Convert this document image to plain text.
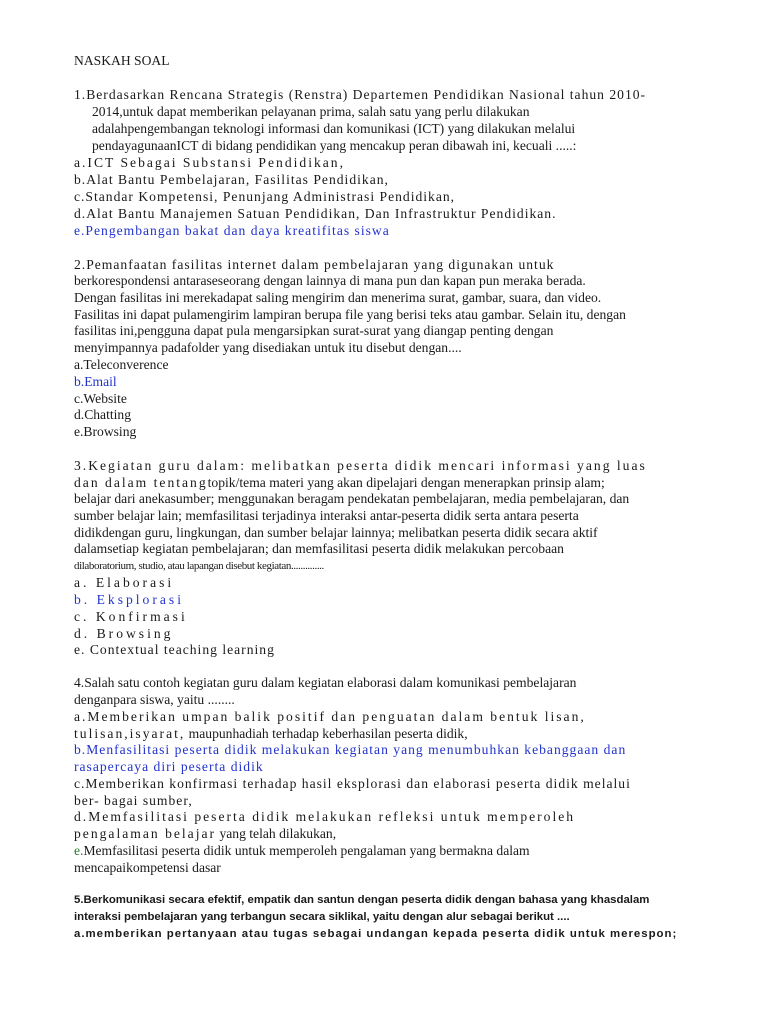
NASKAH SOAL
1.Berdasarkan Rencana Strategis (Renstra) Departemen Pendidikan Nasional tahun 2010-
2014,untuk dapat memberikan pelayanan prima, salah satu yang perlu dilakukan
adalahpengembangan teknologi informasi dan komunikasi (ICT) yang dilakukan melalui
pendayagunaanICT di bidang pendidikan yang mencakup peran dibawah ini, kecuali .....:
a.ICT Sebagai Substansi Pendidikan,
b.Alat Bantu Pembelajaran, Fasilitas Pendidikan,
c.Standar Kompetensi, Penunjang Administrasi Pendidikan,
d.Alat Bantu Manajemen Satuan Pendidikan, Dan Infrastruktur Pendidikan.
e.Pengembangan bakat dan daya kreatifitas siswa
2.Pemanfaatan fasilitas internet dalam pembelajaran yang digunakan untuk
berkorespondensi antaraseseorang dengan lainnya di mana pun dan kapan pun meraka berada.
Dengan fasilitas ini merekadapat saling mengirim dan menerima surat, gambar, suara, dan video.
Fasilitas ini dapat pulamengirim lampiran berupa file yang berisi teks atau gambar. Selain itu, dengan
fasilitas ini,pengguna dapat pula mengarsipkan surat-surat yang diangap penting dengan
menyimpannya padafolder yang disediakan untuk itu disebut dengan....
a.Teleconverence
b.Email
c.Website
d.Chatting
e.Browsing
3.Kegiatan guru dalam: melibatkan peserta didik mencari informasi yang luas
dan dalam tentangtopik/tema materi yang akan dipelajari dengan menerapkan prinsip alam;
belajar dari anekasumber; menggunakan beragam pendekatan pembelajaran, media pembelajaran, dan
sumber belajar lain; memfasilitasi terjadinya interaksi antar-peserta didik serta antara peserta
didikdengan guru, lingkungan, dan sumber belajar lainnya; melibatkan peserta didik secara aktif
dalamsetiap kegiatan pembelajaran; dan memfasilitasi peserta didik melakukan percobaan
dilaboratorium, studio, atau lapangan disebut kegiatan..............
a. Elaborasi
b. Eksplorasi
c. Konfirmasi
d. Browsing
e. Contextual teaching learning
4.Salah satu contoh kegiatan guru dalam kegiatan elaborasi dalam komunikasi pembelajaran
denganpara siswa, yaitu ........
a.Memberikan umpan balik positif dan penguatan dalam bentuk lisan,
tulisan,isyarat, maupunhadiah terhadap keberhasilan peserta didik,
b.Menfasilitasi peserta didik melakukan kegiatan yang menumbuhkan kebanggaan dan
rasapercaya diri peserta didik
c.Memberikan konfirmasi terhadap hasil eksplorasi dan elaborasi peserta didik melalui
ber- bagai sumber,
d.Memfasilitasi peserta didik melakukan refleksi untuk memperoleh
pengalaman belajar yang telah dilakukan,
e.Memfasilitasi peserta didik untuk memperoleh pengalaman yang bermakna dalam
mencapaikompetensi dasar
5.Berkomunikasi secara efektif, empatik dan santun dengan peserta didik dengan bahasa yang khasdalam
interaksi pembelajaran yang terbangun secara siklikal, yaitu dengan alur sebagai berikut ....
a.memberikan pertanyaan atau tugas sebagai undangan kepada peserta didik untuk merespon;
